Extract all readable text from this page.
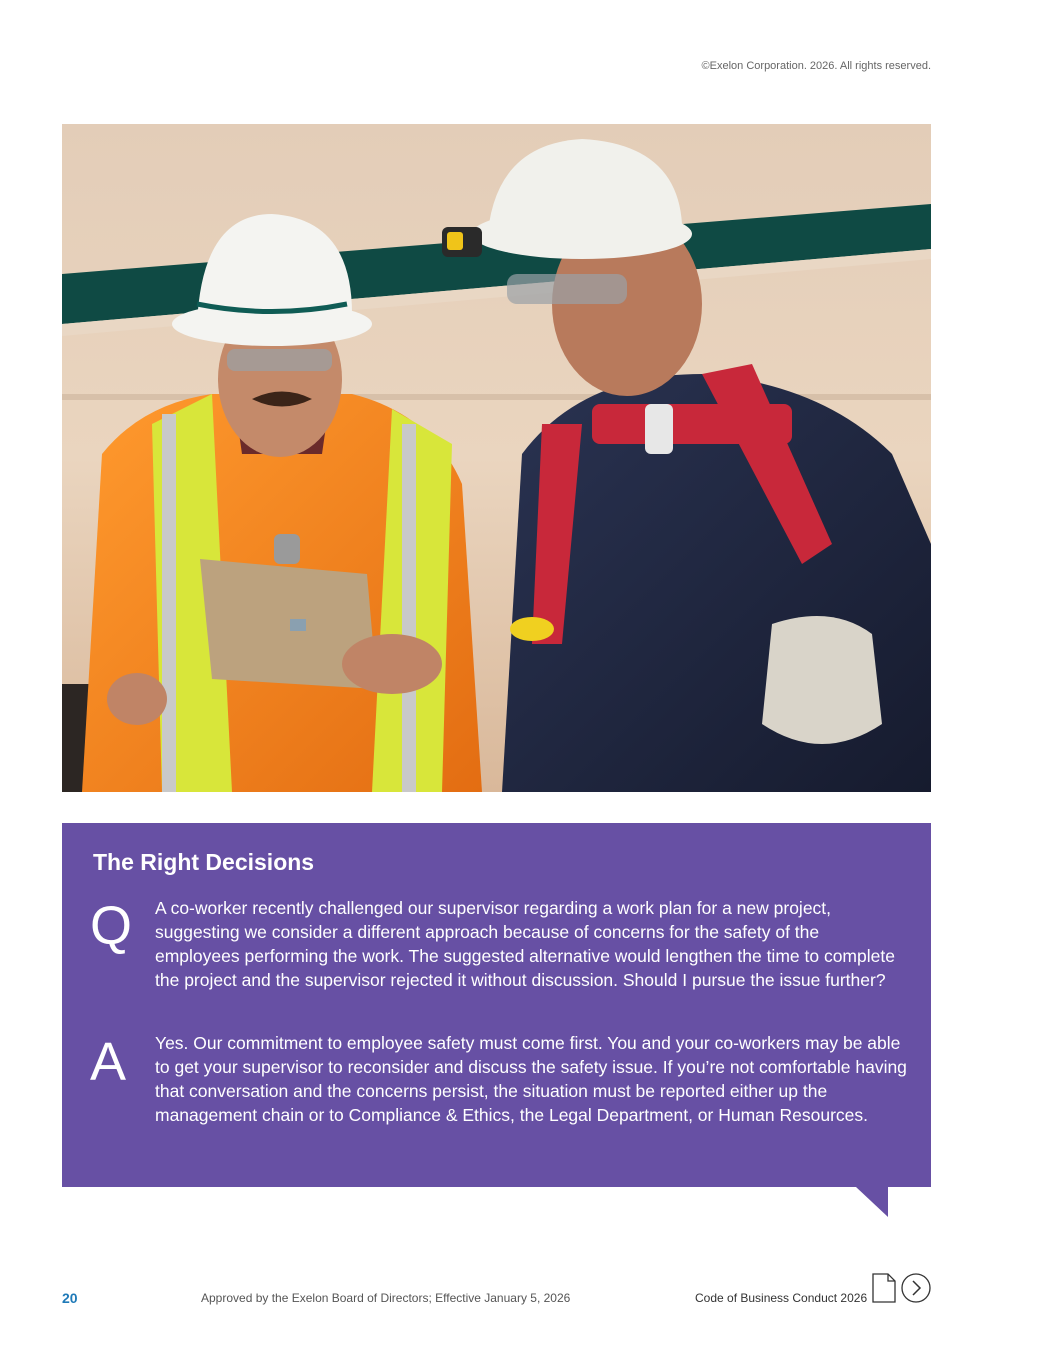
©Exelon Corporation. 2026. All rights reserved.
The Right Decisions
Q A co-worker recently challenged our supervisor regarding a work plan for a new project, suggesting we consider a different approach because of concerns for the safety of the employees performing the work. The suggested alternative would lengthen the time to complete the project and the supervisor rejected it without discussion. Should I pursue the issue further?
A Yes. Our commitment to employee safety must come first. You and your co-workers may be able to get your supervisor to reconsider and discuss the safety issue. If you’re not comfortable having that conversation and the concerns persist, the situation must be reported either up the management chain or to Compliance & Ethics, the Legal Department, or Human Resources.
20	Approved by the Exelon Board of Directors; Effective January 5, 2026	Code of Business Conduct 2026
